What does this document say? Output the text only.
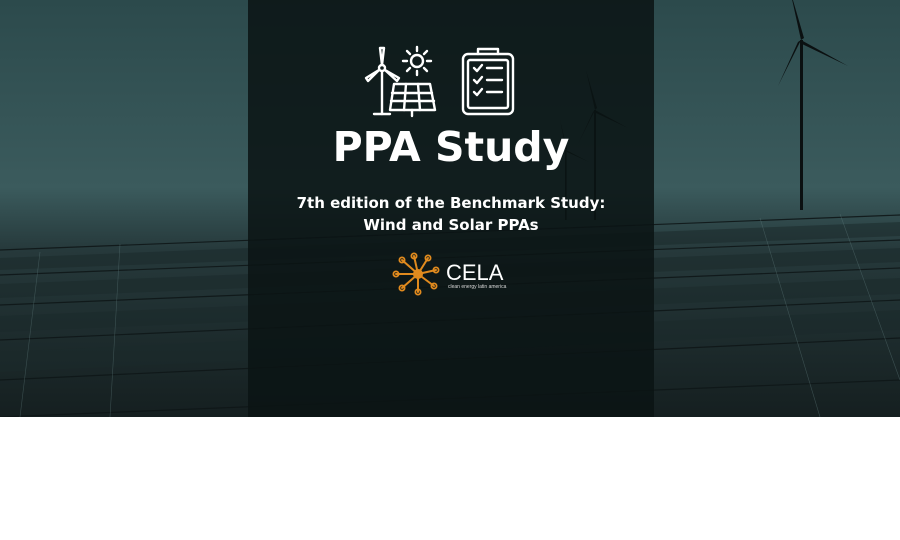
PPA Study
7th edition of the Benchmark Study:
Wind and Solar PPAs
CELA
clean energy latin america
